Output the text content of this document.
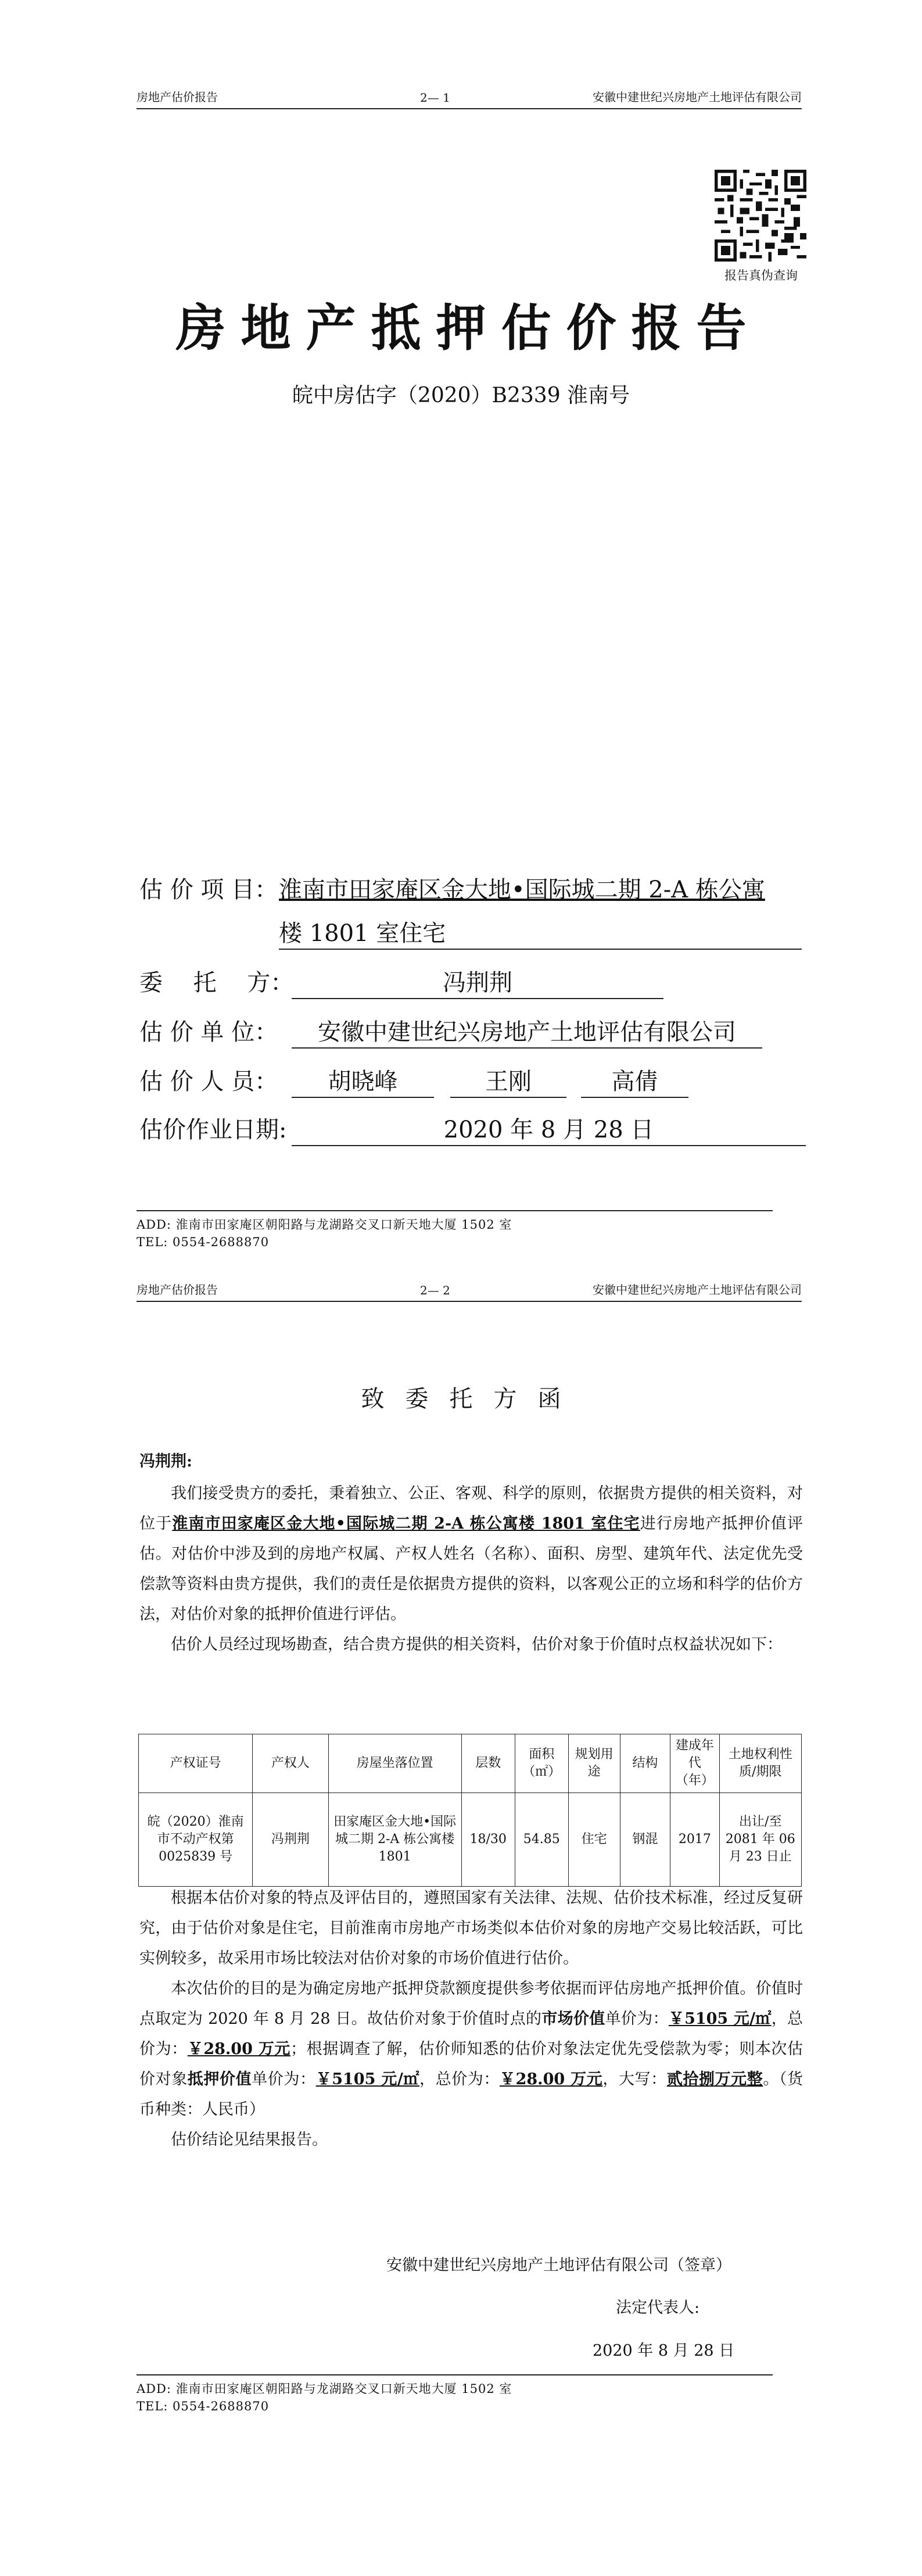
房地产估价报告	2— 1	安徽中建世纪兴房地产土地评估有限公司
报告真伪查询
房地产抵押估价报告
皖中房估字（2020）B2339 淮南号
估 价 项 目： 淮南市田家庵区金大地•国际城二期 2-A 栋公寓
楼 1801 室住宅
委　 托　 方：	冯荆荆
估 价 单 位：	安徽中建世纪兴房地产土地评估有限公司
估 价 人 员：	胡晓峰	王刚	高倩
估价作业日期:	2020 年 8 月 28 日
ADD: 淮南市田家庵区朝阳路与龙湖路交叉口新天地大厦 1502 室
TEL: 0554-2688870
房地产估价报告	2— 2	安徽中建世纪兴房地产土地评估有限公司
致委托方函
冯荆荆:

我们接受贵方的委托，秉着独立、公正、客观、科学的原则，依据贵方提供的相关资料，对位于淮南市田家庵区金大地•国际城二期 2-A 栋公寓楼 1801 室住宅进行房地产抵押价值评估。对估价中涉及到的房地产权属、产权人姓名（名称）、面积、房型、建筑年代、法定优先受偿款等资料由贵方提供，我们的责任是依据贵方提供的资料，以客观公正的立场和科学的估价方法，对估价对象的抵押价值进行评估。

估价人员经过现场勘查，结合贵方提供的相关资料，估价对象于价值时点权益状况如下：

产权证号	产权人	房屋坐落位置	层数	面积（㎡）	规划用途	结构	建成年代（年）	土地权利性质/期限
皖（2020）淮南市不动产权第 0025839 号	冯荆荆	田家庵区金大地•国际城二期 2-A 栋公寓楼 1801	18/30	54.85	住宅	钢混	2017	出让/至 2081 年 06 月 23 日止

根据本估价对象的特点及评估目的，遵照国家有关法律、法规、估价技术标准，经过反复研究，由于估价对象是住宅，目前淮南市房地产市场类似本估价对象的房地产交易比较活跃，可比实例较多，故采用市场比较法对估价对象的市场价值进行估价。

本次估价的目的是为确定房地产抵押贷款额度提供参考依据而评估房地产抵押价值。价值时点取定为 2020 年 8 月 28 日。故估价对象于价值时点的市场价值单价为：￥5105 元/㎡，总价为：￥28.00 万元；根据调查了解，估价师知悉的估价对象法定优先受偿款为零；则本次估价对象抵押价值单价为：￥5105 元/㎡，总价为：￥28.00 万元，大写：贰拾捌万元整。（货币种类：人民币）

估价结论见结果报告。

安徽中建世纪兴房地产土地评估有限公司（签章）
法定代表人:
2020 年 8 月 28 日
ADD: 淮南市田家庵区朝阳路与龙湖路交叉口新天地大厦 1502 室
TEL: 0554-2688870
